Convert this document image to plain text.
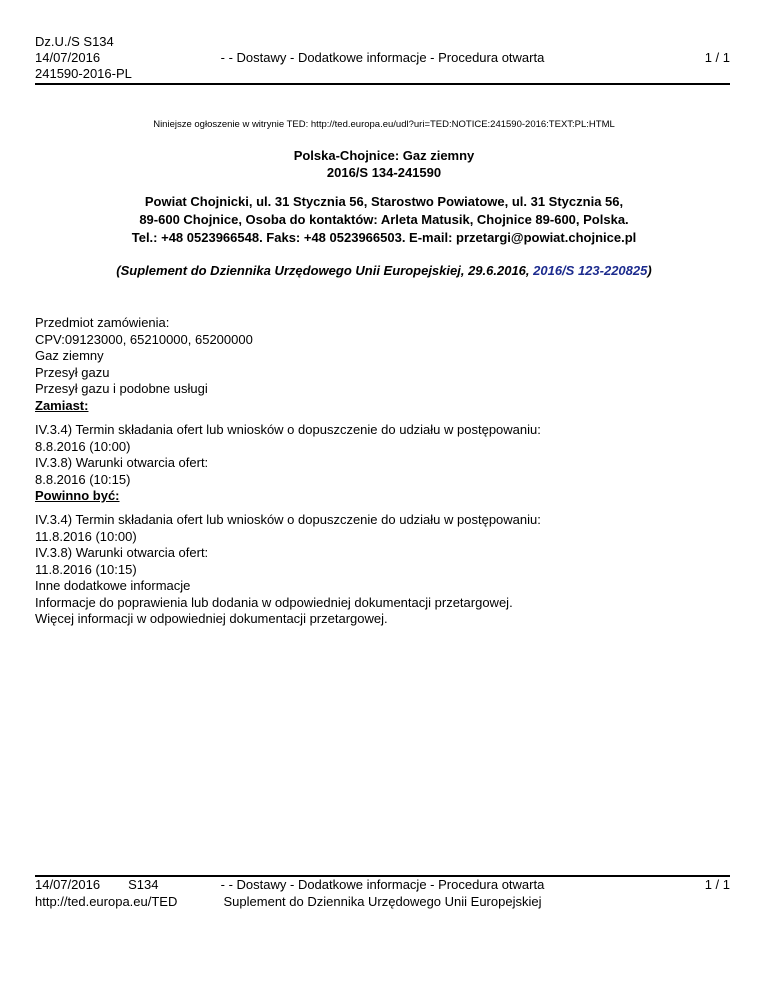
Dz.U./S S134
14/07/2016
241590-2016-PL
- - Dostawy - Dodatkowe informacje - Procedura otwarta	1 / 1
Niniejsze ogłoszenie w witrynie TED: http://ted.europa.eu/udl?uri=TED:NOTICE:241590-2016:TEXT:PL:HTML
Polska-Chojnice: Gaz ziemny
2016/S 134-241590
Powiat Chojnicki, ul. 31 Stycznia 56, Starostwo Powiatowe, ul. 31 Stycznia 56,
89-600 Chojnice, Osoba do kontaktów: Arleta Matusik, Chojnice 89-600, Polska.
Tel.: +48 0523966548. Faks: +48 0523966503. E-mail: przetargi@powiat.chojnice.pl
(Suplement do Dziennika Urzędowego Unii Europejskiej, 29.6.2016, 2016/S 123-220825)
Przedmiot zamówienia:
CPV:09123000, 65210000, 65200000
Gaz ziemny
Przesył gazu
Przesył gazu i podobne usługi
Zamiast:
IV.3.4) Termin składania ofert lub wniosków o dopuszczenie do udziału w postępowaniu:
8.8.2016 (10:00)
IV.3.8) Warunki otwarcia ofert:
8.8.2016 (10:15)
Powinno być:
IV.3.4) Termin składania ofert lub wniosków o dopuszczenie do udziału w postępowaniu:
11.8.2016 (10:00)
IV.3.8) Warunki otwarcia ofert:
11.8.2016 (10:15)
Inne dodatkowe informacje
Informacje do poprawienia lub dodania w odpowiedniej dokumentacji przetargowej.
Więcej informacji w odpowiedniej dokumentacji przetargowej.
14/07/2016 S134
http://ted.europa.eu/TED
- - Dostawy - Dodatkowe informacje - Procedura otwarta
Suplement do Dziennika Urzędowego Unii Europejskiej
1 / 1
